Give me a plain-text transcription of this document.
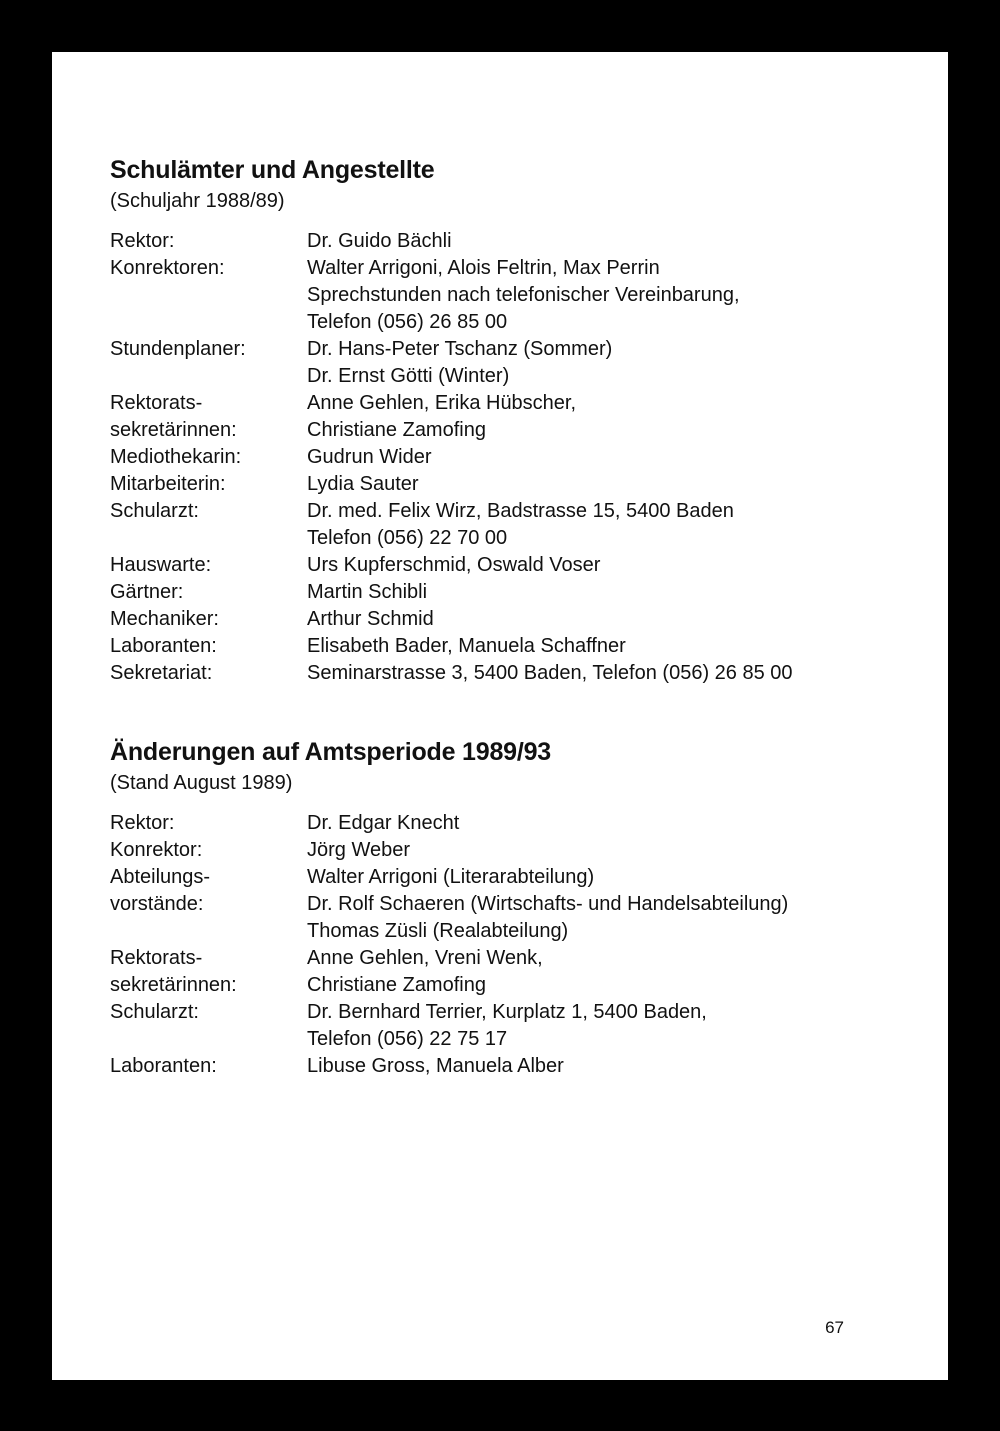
Schulämter und Angestellte
(Schuljahr 1988/89)
Rektor:	Dr. Guido Bächli
Konrektoren:	Walter Arrigoni, Alois Feltrin, Max Perrin
Sprechstunden nach telefonischer Vereinbarung,
Telefon (056) 26 85 00
Stundenplaner:	Dr. Hans-Peter Tschanz (Sommer)
Dr. Ernst Götti (Winter)
Rektorats-	Anne Gehlen, Erika Hübscher,
sekretärinnen:	Christiane Zamofing
Mediothekarin:	Gudrun Wider
Mitarbeiterin:	Lydia Sauter
Schularzt:	Dr. med. Felix Wirz, Badstrasse 15, 5400 Baden
Telefon (056) 22 70 00
Hauswarte:	Urs Kupferschmid, Oswald Voser
Gärtner:	Martin Schibli
Mechaniker:	Arthur Schmid
Laboranten:	Elisabeth Bader, Manuela Schaffner
Sekretariat:	Seminarstrasse 3, 5400 Baden, Telefon (056) 26 85 00
Änderungen auf Amtsperiode 1989/93
(Stand August 1989)
Rektor:	Dr. Edgar Knecht
Konrektor:	Jörg Weber
Abteilungs-	Walter Arrigoni (Literarabteilung)
vorstände:	Dr. Rolf Schaeren (Wirtschafts- und Handelsabteilung)
Thomas Züsli (Realabteilung)
Rektorats-	Anne Gehlen, Vreni Wenk,
sekretärinnen:	Christiane Zamofing
Schularzt:	Dr. Bernhard Terrier, Kurplatz 1, 5400 Baden,
Telefon (056) 22 75 17
Laboranten:	Libuse Gross, Manuela Alber
67
